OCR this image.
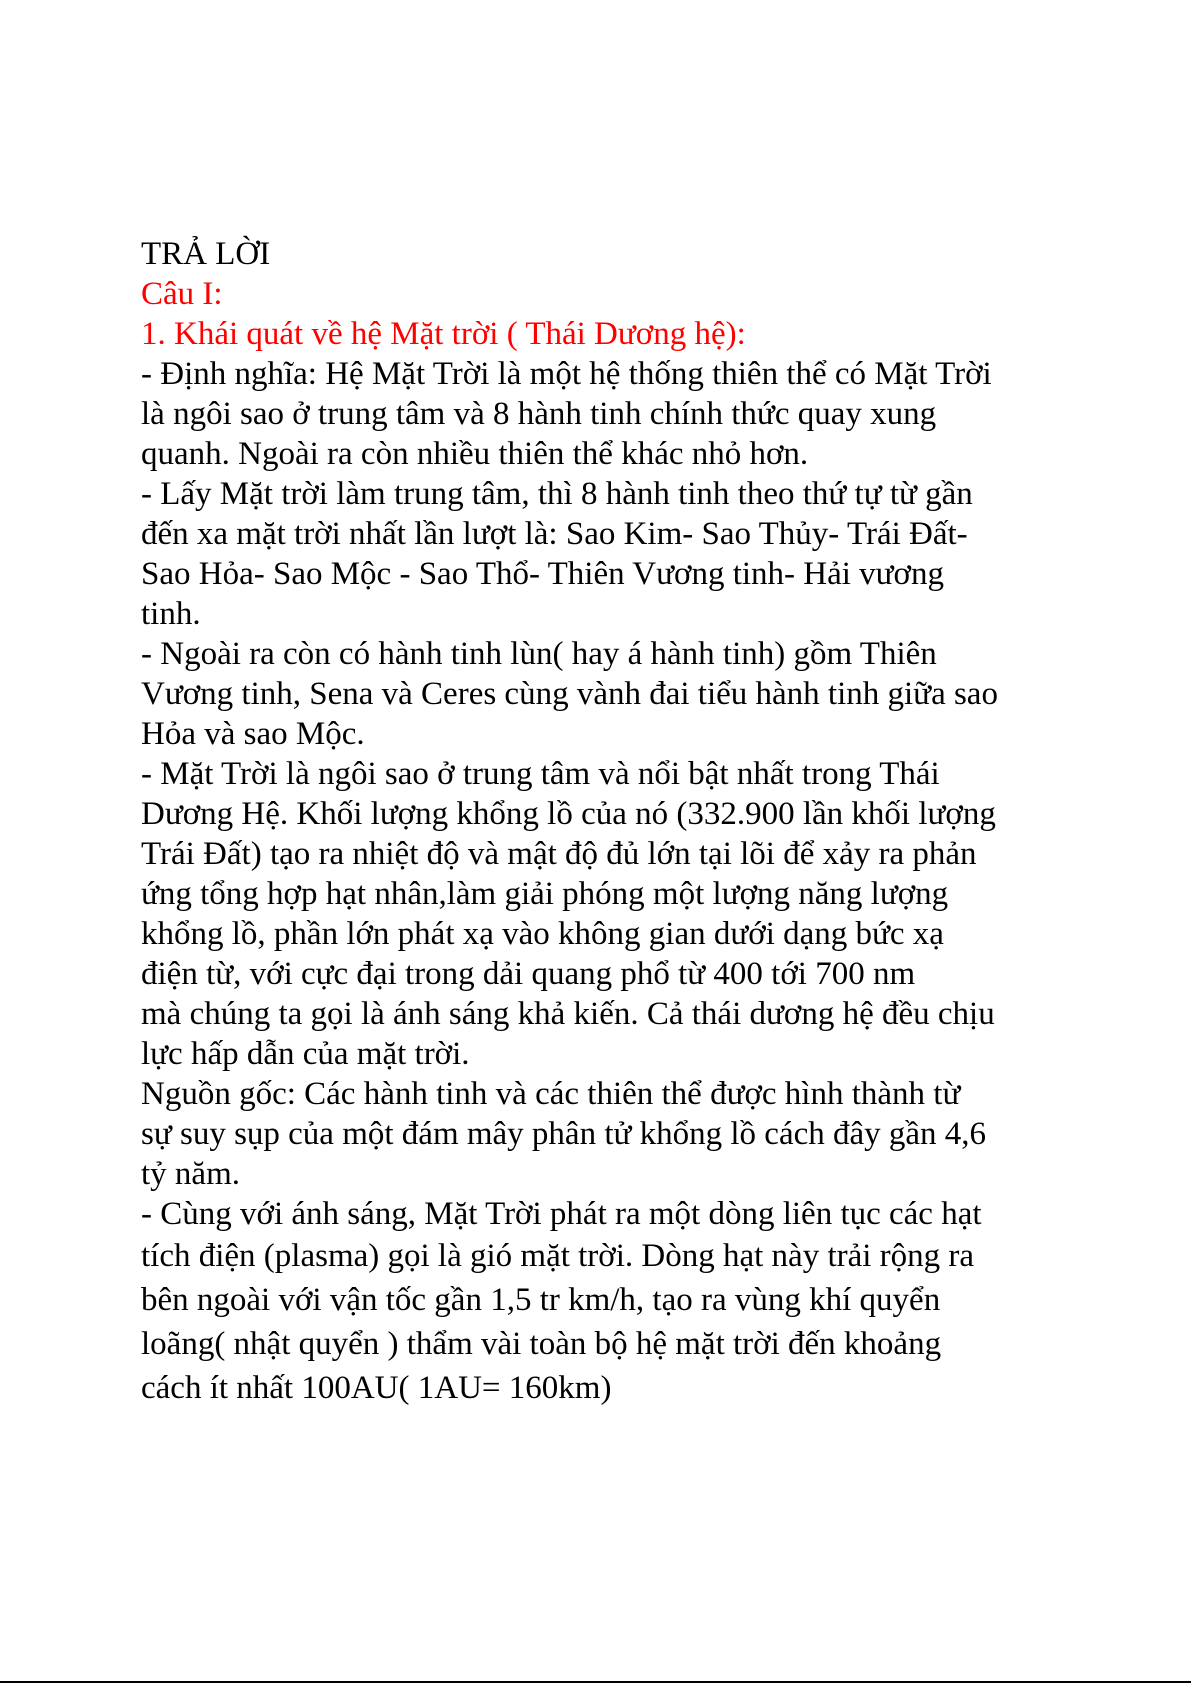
TRẢ LỜI
Câu I:
1. Khái quát về hệ Mặt trời ( Thái Dương hệ):
- Định nghĩa: Hệ Mặt Trời là một hệ thống thiên thể có Mặt Trời
là ngôi sao ở trung tâm và 8 hành tinh chính thức quay xung
quanh. Ngoài ra còn nhiều thiên thể khác nhỏ hơn.
- Lấy Mặt trời làm trung tâm, thì 8 hành tinh theo thứ tự từ gần
đến xa mặt trời nhất lần lượt là: Sao Kim- Sao Thủy- Trái Đất-
Sao Hỏa- Sao Mộc - Sao Thổ- Thiên Vương tinh- Hải vương
tinh.
- Ngoài ra còn có hành tinh lùn( hay á hành tinh) gồm Thiên
Vương tinh, Sena và Ceres cùng vành đai tiểu hành tinh giữa sao
Hỏa và sao Mộc.
- Mặt Trời là ngôi sao ở trung tâm và nổi bật nhất trong Thái
Dương Hệ. Khối lượng khổng lồ của nó (332.900 lần khối lượng
Trái Đất) tạo ra nhiệt độ và mật độ đủ lớn tại lõi để xảy ra phản
ứng tổng hợp hạt nhân,làm giải phóng một lượng năng lượng
khổng lồ, phần lớn phát xạ vào không gian dưới dạng bức xạ
điện từ, với cực đại trong dải quang phổ từ 400 tới 700 nm
mà chúng ta gọi là ánh sáng khả kiến. Cả thái dương hệ đều chịu
lực hấp dẫn của mặt trời.
Nguồn gốc: Các hành tinh và các thiên thể được hình thành từ
sự suy sụp của một đám mây phân tử khổng lồ cách đây gần 4,6
tỷ năm.
- Cùng với ánh sáng, Mặt Trời phát ra một dòng liên tục các hạt
tích điện (plasma) gọi là gió mặt trời. Dòng hạt này trải rộng ra
bên ngoài với vận tốc gần 1,5 tr km/h, tạo ra vùng khí quyển
loãng( nhật quyển ) thẩm vài toàn bộ hệ mặt trời đến khoảng
cách ít nhất 100AU( 1AU= 160km)
